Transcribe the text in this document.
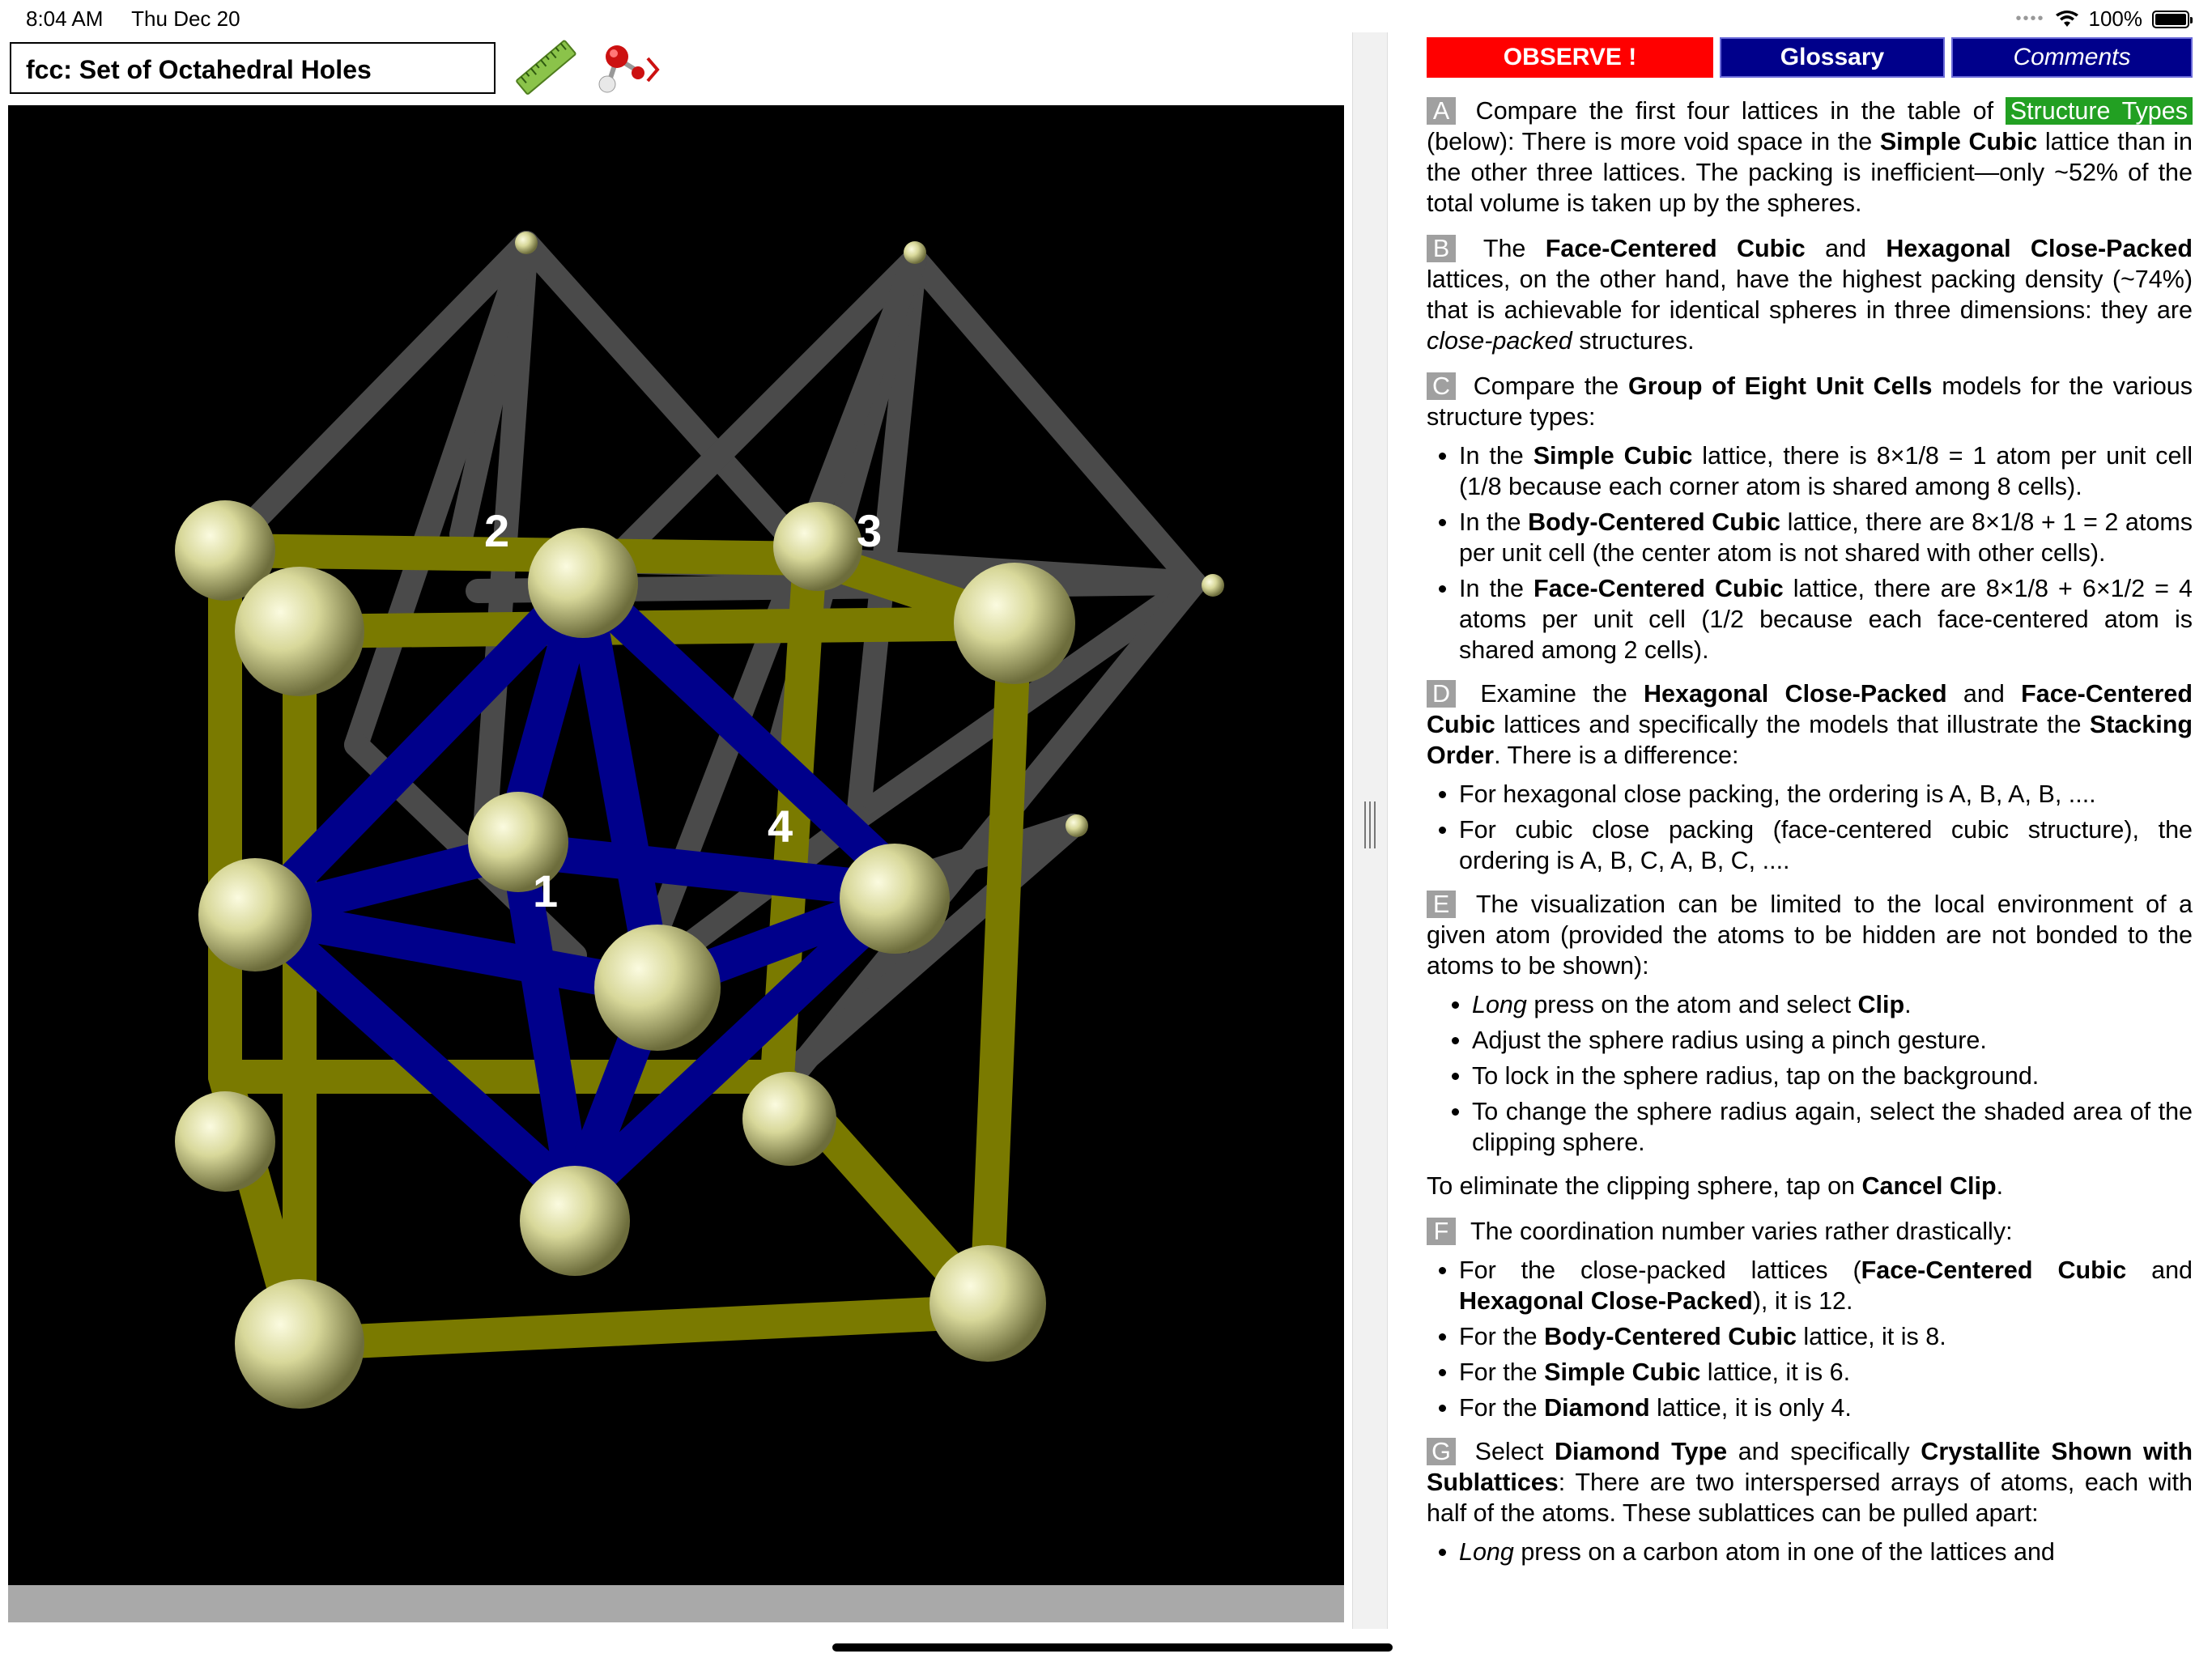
8:04 AM Thu Dec 20	•••• 100%
fcc: Set of Octahedral Holes
1
2	3
4
OBSERVE !	Glossary	Comments

A Compare the first four lattices in the table of Structure Types (below): There is more void space in the Simple Cubic lattice than in the other three lattices. The packing is inefficient—only ~52% of the total volume is taken up by the spheres.

B The Face-Centered Cubic and Hexagonal Close-Packed lattices, on the other hand, have the highest packing density (~74%) that is achievable for identical spheres in three dimensions: they are close-packed structures.

C Compare the Group of Eight Unit Cells models for the various structure types:

• In the Simple Cubic lattice, there is 8×1/8 = 1 atom per unit cell (1/8 because each corner atom is shared among 8 cells).
• In the Body-Centered Cubic lattice, there are 8×1/8 + 1 = 2 atoms per unit cell (the center atom is not shared with other cells).
• In the Face-Centered Cubic lattice, there are 8×1/8 + 6×1/2 = 4 atoms per unit cell (1/2 because each face-centered atom is shared among 2 cells).

D Examine the Hexagonal Close-Packed and Face-Centered Cubic lattices and specifically the models that illustrate the Stacking Order. There is a difference:

• For hexagonal close packing, the ordering is A, B, A, B, ....
• For cubic close packing (face-centered cubic structure), the ordering is A, B, C, A, B, C, ....

E The visualization can be limited to the local environment of a given atom (provided the atoms to be hidden are not bonded to the atoms to be shown):

• Long press on the atom and select Clip.
• Adjust the sphere radius using a pinch gesture.
• To lock in the sphere radius, tap on the background.
• To change the sphere radius again, select the shaded area of the clipping sphere.

To eliminate the clipping sphere, tap on Cancel Clip.

F The coordination number varies rather drastically:

• For the close-packed lattices (Face-Centered Cubic and Hexagonal Close-Packed), it is 12.
• For the Body-Centered Cubic lattice, it is 8.
• For the Simple Cubic lattice, it is 6.
• For the Diamond lattice, it is only 4.

G Select Diamond Type and specifically Crystallite Shown with Sublattices: There are two interspersed arrays of atoms, each with half of the atoms. These sublattices can be pulled apart:

• Long press on a carbon atom in one of the lattices and
